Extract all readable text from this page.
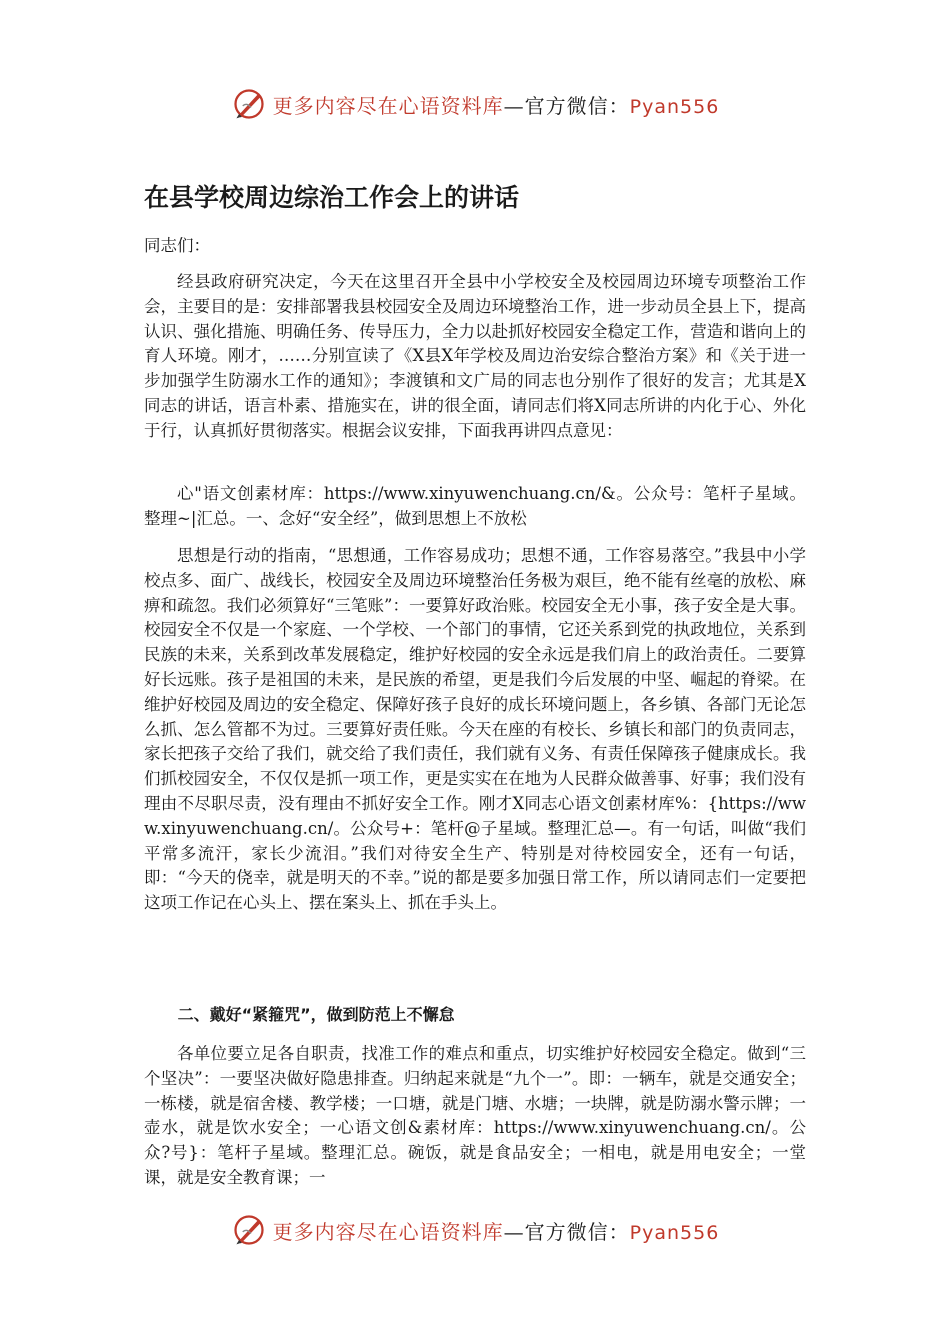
更多内容尽在心语资料库—官方微信：Pyan556
在县学校周边综治工作会上的讲话

同志们：

经县政府研究决定，今天在这里召开全县中小学校安全及校园周边环境专项整治工作会，主要目的是：安排部署我县校园安全及周边环境整治工作，进一步动员全县上下，提高认识、强化措施、明确任务、传导压力，全力以赴抓好校园安全稳定工作，营造和谐向上的育人环境。刚才，……分别宣读了《X县X年学校及周边治安综合整治方案》和《关于进一步加强学生防溺水工作的通知》；李渡镇和文广局的同志也分别作了很好的发言；尤其是X同志的讲话，语言朴素、措施实在，讲的很全面，请同志们将X同志所讲的内化于心、外化于行，认真抓好贯彻落实。根据会议安排，下面我再讲四点意见：

心"语文创素材库：https://www.xinyuwenchuang.cn/&。公众号：笔杆子星域。整理~|汇总。一、念好“安全经”，做到思想上不放松

思想是行动的指南，“思想通，工作容易成功；思想不通，工作容易落空。”我县中小学校点多、面广、战线长，校园安全及周边环境整治任务极为艰巨，绝不能有丝毫的放松、麻痹和疏忽。我们必须算好“三笔账”：一要算好政治账。校园安全无小事，孩子安全是大事。校园安全不仅是一个家庭、一个学校、一个部门的事情，它还关系到党的执政地位，关系到民族的未来，关系到改革发展稳定，维护好校园的安全永远是我们肩上的政治责任。二要算好长远账。孩子是祖国的未来，是民族的希望，更是我们今后发展的中坚、崛起的脊梁。在维护好校园及周边的安全稳定、保障好孩子良好的成长环境问题上，各乡镇、各部门无论怎么抓、怎么管都不为过。三要算好责任账。今天在座的有校长、乡镇长和部门的负责同志，家长把孩子交给了我们，就交给了我们责任，我们就有义务、有责任保障孩子健康成长。我们抓校园安全，不仅仅是抓一项工作，更是实实在在地为人民群众做善事、好事；我们没有理由不尽职尽责，没有理由不抓好安全工作。刚才X同志心语文创素材库%：{https://www.xinyuwenchuang.cn/。公众号+：笔杆@子星域。整理汇总—。有一句话，叫做“我们平常多流汗，家长少流泪。”我们对待安全生产、特别是对待校园安全，还有一句话，即：“今天的侥幸，就是明天的不幸。”说的都是要多加强日常工作，所以请同志们一定要把这项工作记在心头上、摆在案头上、抓在手头上。

二、戴好“紧箍咒”，做到防范上不懈怠

各单位要立足各自职责，找准工作的难点和重点，切实维护好校园安全稳定。做到“三个坚决”：一要坚决做好隐患排查。归纳起来就是“九个一”。即：一辆车，就是交通安全；一栋楼，就是宿舍楼、教学楼；一口塘，就是门塘、水塘；一块牌，就是防溺水警示牌；一壶水，就是饮水安全；一心语文创&素材库：https://www.xinyuwenchuang.cn/。公众?号}：笔杆子星域。整理汇总。碗饭，就是食品安全；一相电，就是用电安全；一堂课，就是安全教育课；一

更多内容尽在心语资料库—官方微信：Pyan556
